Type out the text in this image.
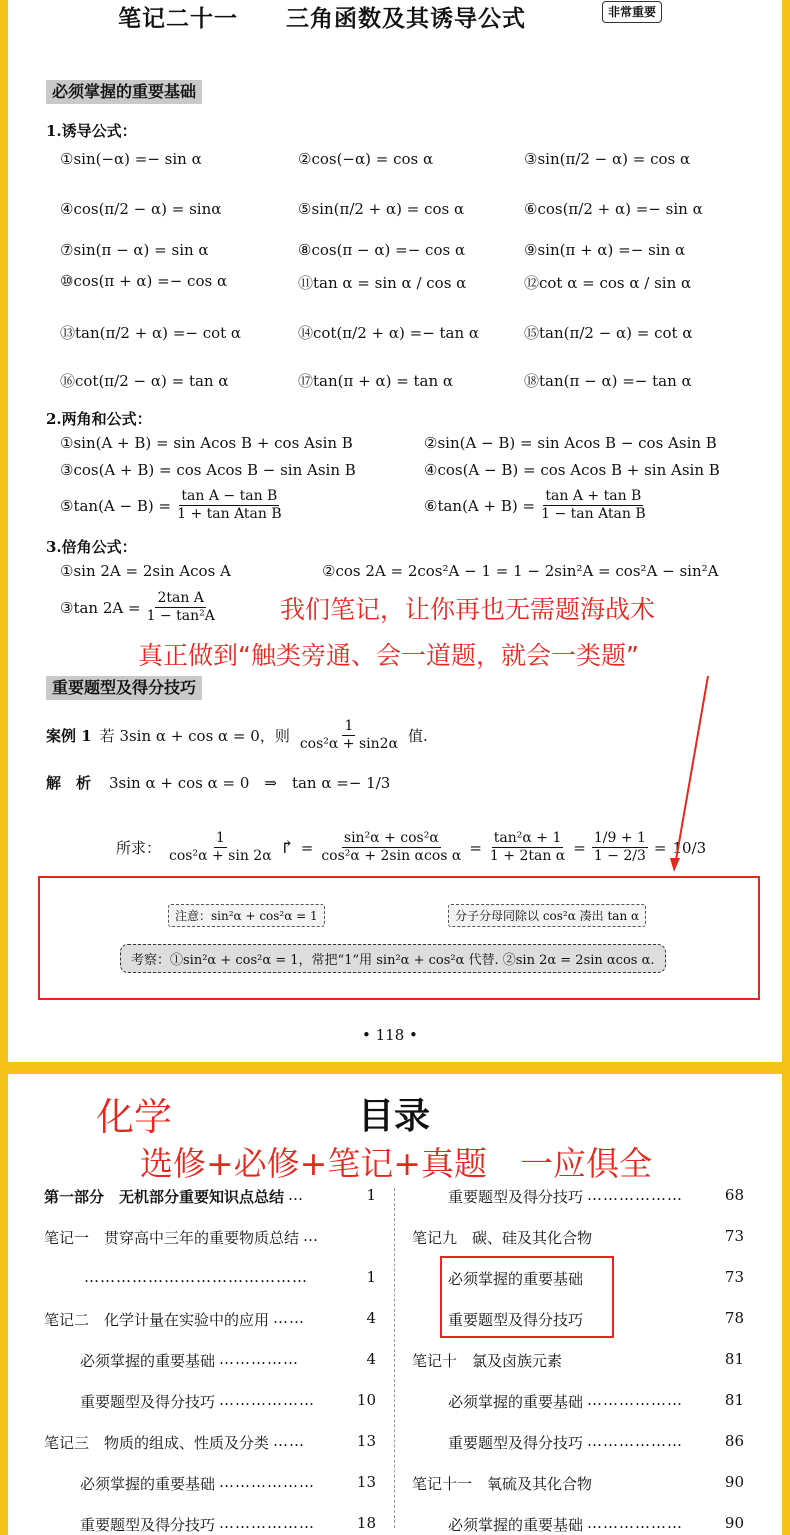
笔记二十一　　三角函数及其诱导公式	非常重要
必须掌握的重要基础
1.诱导公式：
①sin(−α) =− sin α	②cos(−α) = cos α	③sin(π/2 − α) = cos α
④cos(π/2 − α) = sinα	⑤sin(π/2 + α) = cos α	⑥cos(π/2 + α) =− sin α
⑦sin(π − α) = sin α	⑧cos(π − α) =− cos α	⑨sin(π + α) =− sin α
⑩cos(π + α) =− cos α	⑪tan α = sin α / cos α	⑫cot α = cos α / sin α
⑬tan(π/2 + α) =− cot α	⑭cot(π/2 + α) =− tan α	⑮tan(π/2 − α) = cot α
⑯cot(π/2 − α) = tan α	⑰tan(π + α) = tan α	⑱tan(π − α) =− tan α
2.两角和公式：
①sin(A + B) = sin Acos B + cos Asin B	②sin(A − B) = sin Acos B − cos Asin B
③cos(A + B) = cos Acos B − sin Asin B	④cos(A − B) = cos Acos B + sin Asin B
⑤tan(A − $B) = \frac{\text{tan A − tan B}}{\text{1 + tan Atan B}}$	⑥tan(A + $B) = \frac{\text{tan A + tan B}}{\text{1 − tan Atan B}}$
3.倍角公式：
①sin 2A = 2sin Acos A	②cos 2A = 2cos²A − 1 = 1 − 2sin²A = cos²A − sin²A
③tan $2A = \frac{\text{2tan A}}{\text{1 − tan²A}}$	我们笔记，让你再也无需题海战术
真正做到“触类旁通、会一道题，就会一类题”
重要题型及得分技巧
案例 1 若 3sin α + cos α = 0，则 $\frac{1}{\text{cos²α + sin2α}}$ 值.
解　析 3sin α + cos α = 0　⇒　tan α =− 1/3
所求： $\frac{1}{\text{cos²α + sin 2α}}$ ↱ = $\frac{\text{sin²α + cos²α}}{\text{cos²α + 2sin αcos α}} = \frac{\text{tan²α + 1}}{\text{1 + 2tan α}} = \frac{1/9 + 1}{1 - 2/3} = 10/3$
注意：sin²α + cos²α = 1	分子分母同除以 cos²α 凑出 tan α
考察：①sin²α + cos²α = 1，常把“1”用 sin²α + cos²α 代替. ②sin 2α = 2sin αcos α.
• 118 •
化学	目录
选修+必修+笔记+真题　一应俱全
第一部分　无机部分重要知识点总结 …	1
笔记一　贯穿高中三年的重要物质总结 …
……………………………………	1
笔记二　化学计量在实验中的应用 ……	4
必须掌握的重要基础 ……………	4
重要题型及得分技巧 ………………	10
笔记三　物质的组成、性质及分类 ……	13
必须掌握的重要基础 ………………	13
重要题型及得分技巧 ………………	18
重要题型及得分技巧 ………………	68
笔记九　碳、硅及其化合物	73
必须掌握的重要基础	73
重要题型及得分技巧	78
笔记十　氯及卤族元素	81
必须掌握的重要基础 ………………	81
重要题型及得分技巧 ………………	86
笔记十一　氧硫及其化合物	90
必须掌握的重要基础 ………………	90
